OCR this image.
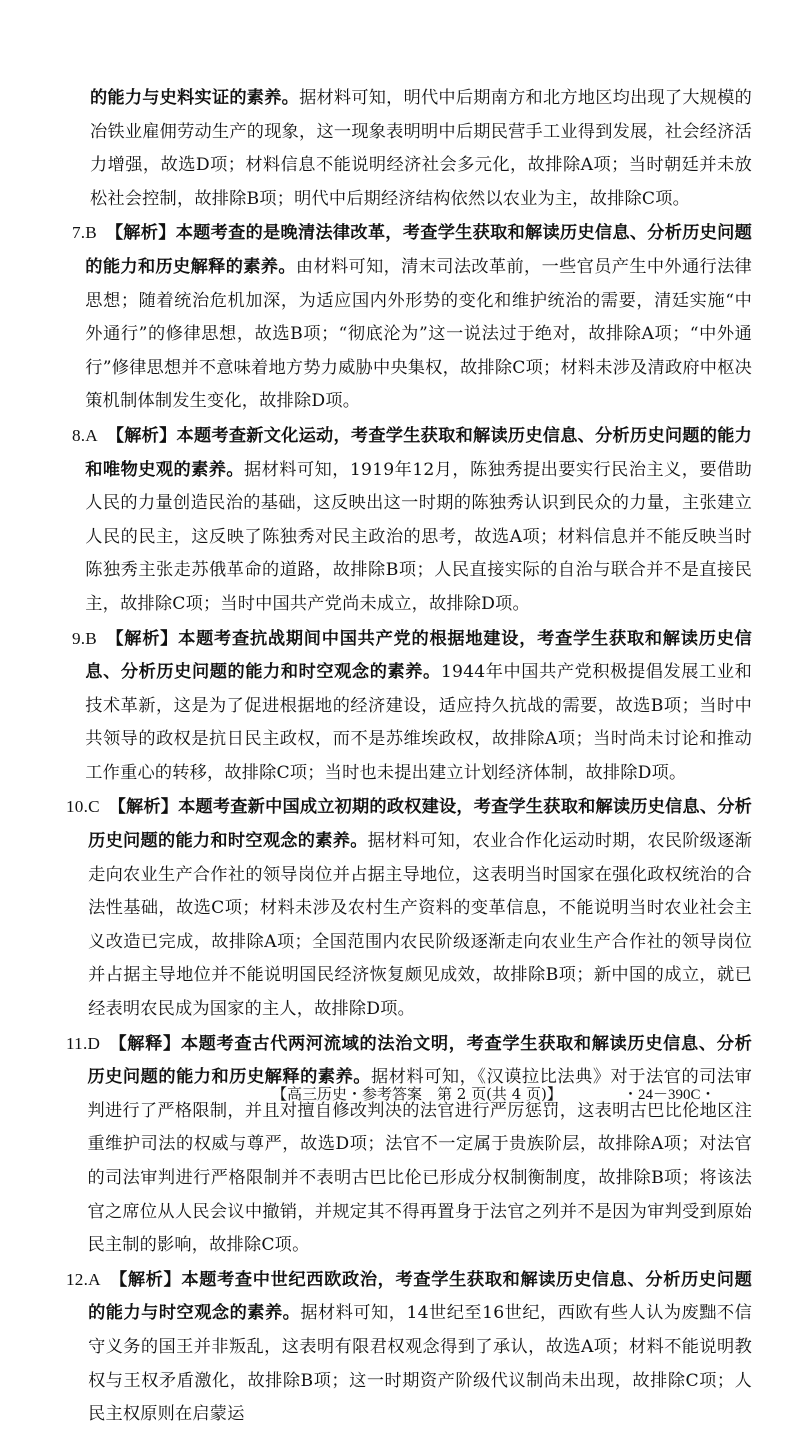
的能力与史料实证的素养。据材料可知，明代中后期南方和北方地区均出现了大规模的冶铁业雇佣劳动生产的现象，这一现象表明明中后期民营手工业得到发展，社会经济活力增强，故选D项；材料信息不能说明经济社会多元化，故排除A项；当时朝廷并未放松社会控制，故排除B项；明代中后期经济结构依然以农业为主，故排除C项。

7. B  【解析】本题考查的是晚清法律改革，考查学生获取和解读历史信息、分析历史问题的能力和历史解释的素养。由材料可知，清末司法改革前，一些官员产生中外通行法律思想；随着统治危机加深，为适应国内外形势的变化和维护统治的需要，清廷实施“中外通行”的修律思想，故选B项；“彻底沦为”这一说法过于绝对，故排除A项；“中外通行”修律思想并不意味着地方势力威胁中央集权，故排除C项；材料未涉及清政府中枢决策机制体制发生变化，故排除D项。
8. A  【解析】本题考查新文化运动，考查学生获取和解读历史信息、分析历史问题的能力和唯物史观的素养。据材料可知，1919年12月，陈独秀提出要实行民治主义，要借助人民的力量创造民治的基础，这反映出这一时期的陈独秀认识到民众的力量，主张建立人民的民主，这反映了陈独秀对民主政治的思考，故选A项；材料信息并不能反映当时陈独秀主张走苏俄革命的道路，故排除B项；人民直接实际的自治与联合并不是直接民主，故排除C项；当时中国共产党尚未成立，故排除D项。
9. B  【解析】本题考查抗战期间中国共产党的根据地建设，考查学生获取和解读历史信息、分析历史问题的能力和时空观念的素养。1944年中国共产党积极提倡发展工业和技术革新，这是为了促进根据地的经济建设，适应持久抗战的需要，故选B项；当时中共领导的政权是抗日民主政权，而不是苏维埃政权，故排除A项；当时尚未讨论和推动工作重心的转移，故排除C项；当时也未提出建立计划经济体制，故排除D项。
10. C  【解析】本题考查新中国成立初期的政权建设，考查学生获取和解读历史信息、分析历史问题的能力和时空观念的素养。据材料可知，农业合作化运动时期，农民阶级逐渐走向农业生产合作社的领导岗位并占据主导地位，这表明当时国家在强化政权统治的合法性基础，故选C项；材料未涉及农村生产资料的变革信息，不能说明当时农业社会主义改造已完成，故排除A项；全国范围内农民阶级逐渐走向农业生产合作社的领导岗位并占据主导地位并不能说明国民经济恢复颇见成效，故排除B项；新中国的成立，就已经表明农民成为国家的主人，故排除D项。
11. D  【解释】本题考查古代两河流域的法治文明，考查学生获取和解读历史信息、分析历史问题的能力和历史解释的素养。据材料可知，《汉谟拉比法典》对于法官的司法审判进行了严格限制，并且对擅自修改判决的法官进行严厉惩罚，这表明古巴比伦地区注重维护司法的权威与尊严，故选D项；法官不一定属于贵族阶层，故排除A项；对法官的司法审判进行严格限制并不表明古巴比伦已形成分权制衡制度，故排除B项；将该法官之席位从人民会议中撤销，并规定其不得再置身于法官之列并不是因为审判受到原始民主制的影响，故排除C项。
12. A  【解析】本题考查中世纪西欧政治，考查学生获取和解读历史信息、分析历史问题的能力与时空观念的素养。据材料可知，14世纪至16世纪，西欧有些人认为废黜不信守义务的国王并非叛乱，这表明有限君权观念得到了承认，故选A项；材料不能说明教权与王权矛盾激化，故排除B项；这一时期资产阶级代议制尚未出现，故排除C项；人民主权原则在启蒙运
【高三历史・参考答案　第 2 页(共 4 页)】	・24－390C・
